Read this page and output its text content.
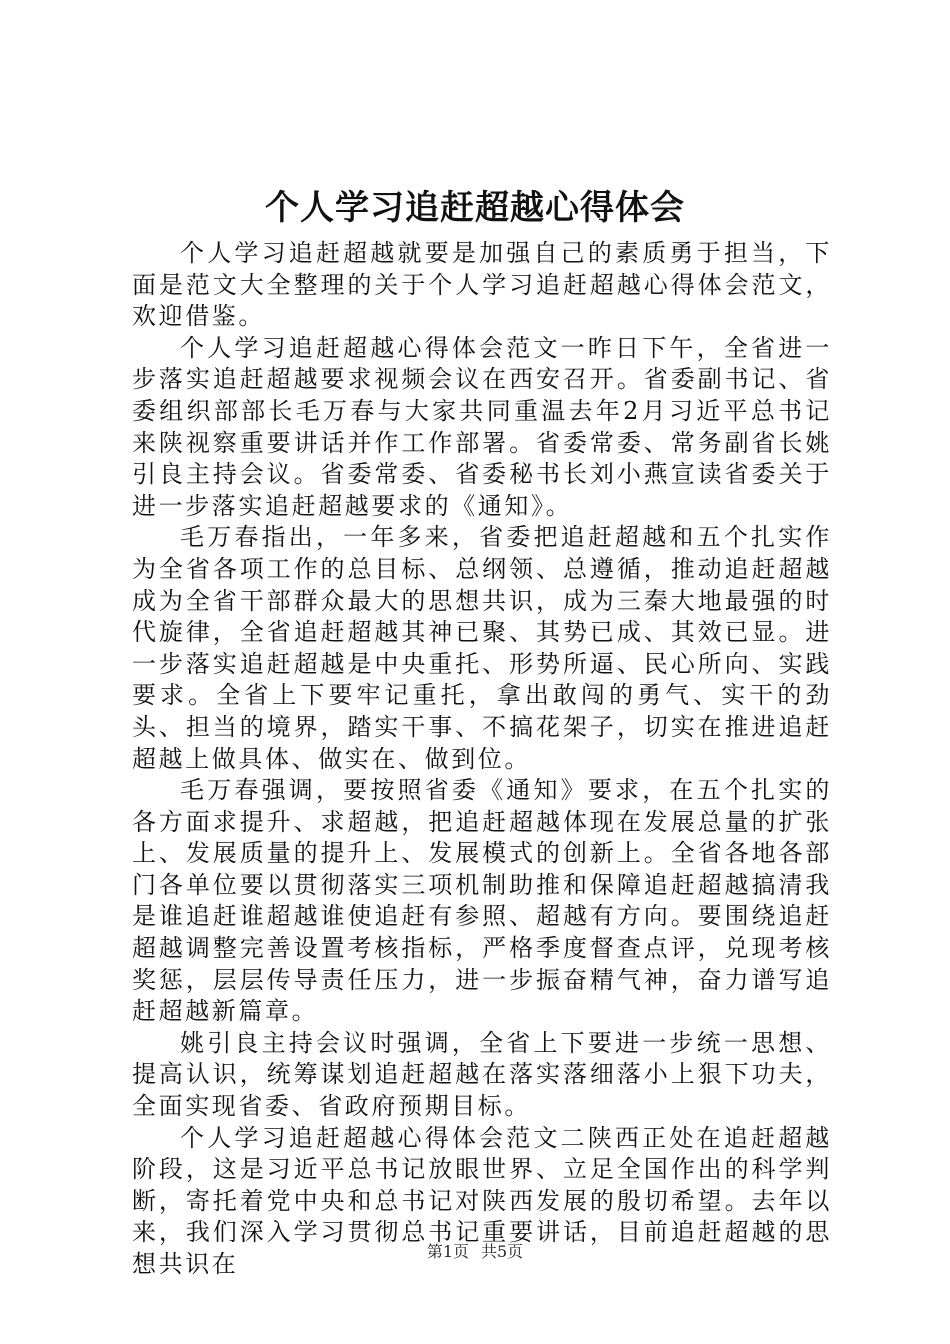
个人学习追赶超越心得体会

个人学习追赶超越就要是加强自己的素质勇于担当，下面是范文大全整理的关于个人学习追赶超越心得体会范文，欢迎借鉴。

个人学习追赶超越心得体会范文一昨日下午，全省进一步落实追赶超越要求视频会议在西安召开。省委副书记、省委组织部部长毛万春与大家共同重温去年2月习近平总书记来陕视察重要讲话并作工作部署。省委常委、常务副省长姚引良主持会议。省委常委、省委秘书长刘小燕宣读省委关于进一步落实追赶超越要求的《通知》。

毛万春指出，一年多来，省委把追赶超越和五个扎实作为全省各项工作的总目标、总纲领、总遵循，推动追赶超越成为全省干部群众最大的思想共识，成为三秦大地最强的时代旋律，全省追赶超越其神已聚、其势已成、其效已显。进一步落实追赶超越是中央重托、形势所逼、民心所向、实践要求。全省上下要牢记重托，拿出敢闯的勇气、实干的劲头、担当的境界，踏实干事、不搞花架子，切实在推进追赶超越上做具体、做实在、做到位。

毛万春强调，要按照省委《通知》要求，在五个扎实的各方面求提升、求超越，把追赶超越体现在发展总量的扩张上、发展质量的提升上、发展模式的创新上。全省各地各部门各单位要以贯彻落实三项机制助推和保障追赶超越搞清我是谁追赶谁超越谁使追赶有参照、超越有方向。要围绕追赶超越调整完善设置考核指标，严格季度督查点评，兑现考核奖惩，层层传导责任压力，进一步振奋精气神，奋力谱写追赶超越新篇章。

姚引良主持会议时强调，全省上下要进一步统一思想、提高认识，统筹谋划追赶超越在落实落细落小上狠下功夫，全面实现省委、省政府预期目标。

个人学习追赶超越心得体会范文二陕西正处在追赶超越阶段，这是习近平总书记放眼世界、立足全国作出的科学判断，寄托着党中央和总书记对陕西发展的殷切希望。去年以来，我们深入学习贯彻总书记重要讲话，目前追赶超越的思想共识在	第1页 共5页
